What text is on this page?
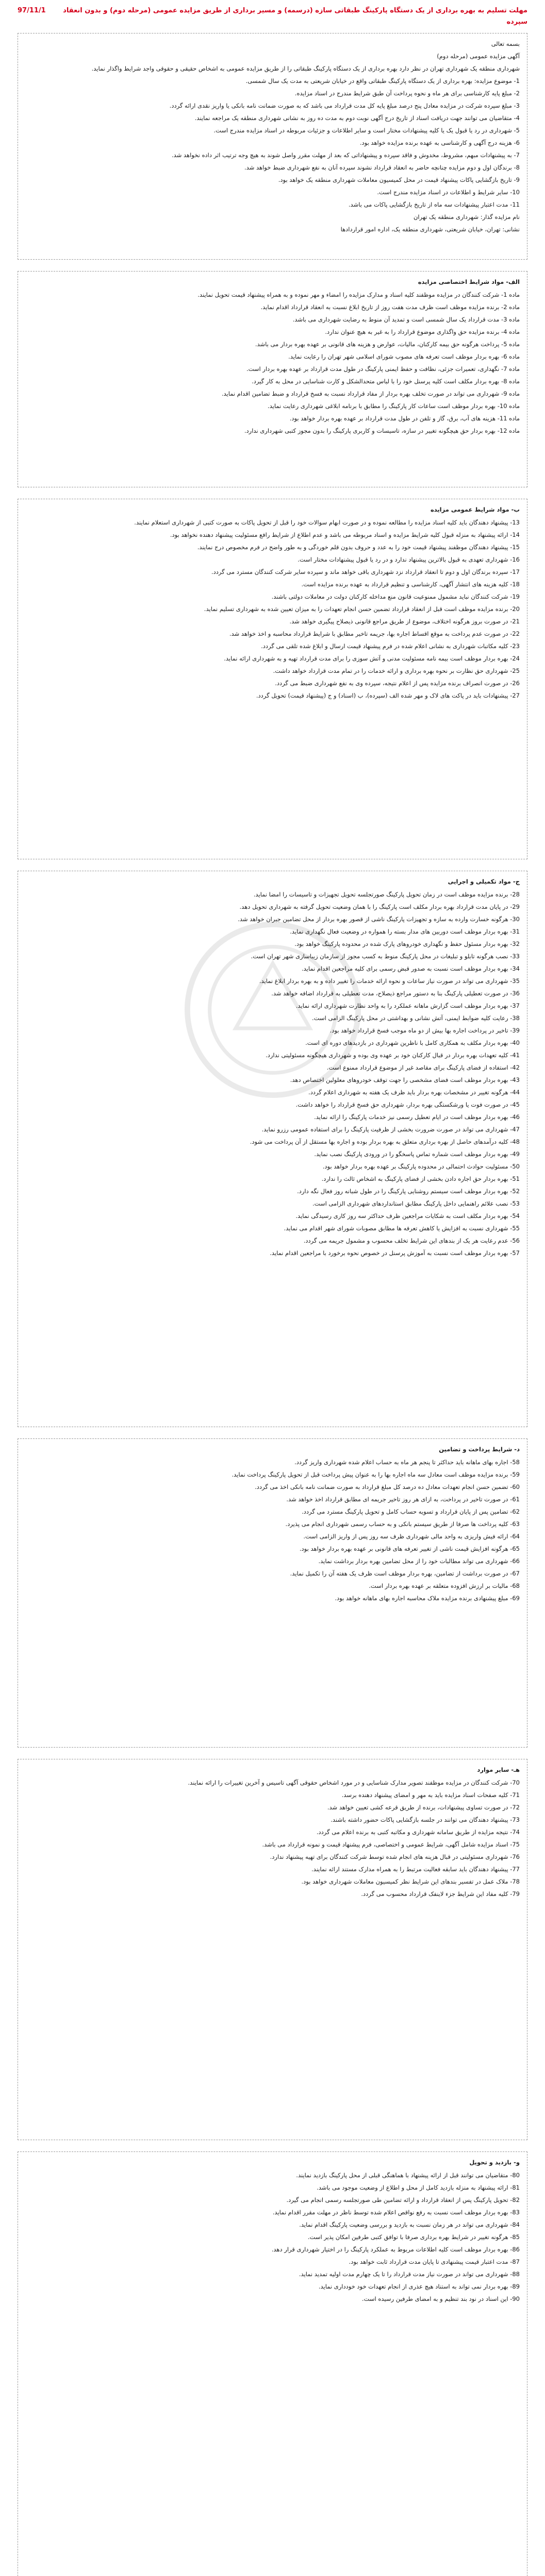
مهلت تسلیم به بهره برداری از یک دستگاه پارکینگ طبقاتی سازه (درسمه) و مسیر برداری از طریق مزایده عمومی (مرحله دوم) و بدون انعقاد سپرده
97/11/1
بسمه تعالی
آگهی مزایده عمومی (مرحله دوم)
شهرداری منطقه یک شهرداری تهران در نظر دارد بهره برداری از یک دستگاه پارکینگ طبقاتی را از طریق مزایده عمومی به اشخاص حقیقی و حقوقی واجد شرایط واگذار نماید.
1- موضوع مزایده: بهره برداری از یک دستگاه پارکینگ طبقاتی واقع در خیابان شریعتی به مدت یک سال شمسی.
2- مبلغ پایه کارشناسی برای هر ماه و نحوه پرداخت آن طبق شرایط مندرج در اسناد مزایده.
3- مبلغ سپرده شرکت در مزایده معادل پنج درصد مبلغ پایه کل مدت قرارداد می باشد که به صورت ضمانت نامه بانکی یا واریز نقدی ارائه گردد.
4- متقاضیان می توانند جهت دریافت اسناد از تاریخ درج آگهی نوبت دوم به مدت ده روز به نشانی شهرداری منطقه یک مراجعه نمایند.
5- شهرداری در رد یا قبول یک یا کلیه پیشنهادات مختار است و سایر اطلاعات و جزئیات مربوطه در اسناد مزایده مندرج است.
6- هزینه درج آگهی و کارشناسی به عهده برنده مزایده خواهد بود.
7- به پیشنهادات مبهم، مشروط، مخدوش و فاقد سپرده و پیشنهاداتی که بعد از مهلت مقرر واصل شوند به هیچ وجه ترتیب اثر داده نخواهد شد.
8- برندگان اول و دوم مزایده چنانچه حاضر به انعقاد قرارداد نشوند سپرده آنان به نفع شهرداری ضبط خواهد شد.
9- تاریخ بازگشایی پاکات پیشنهاد قیمت در محل کمیسیون معاملات شهرداری منطقه یک خواهد بود.
10- سایر شرایط و اطلاعات در اسناد مزایده مندرج است.
11- مدت اعتبار پیشنهادات سه ماه از تاریخ بازگشایی پاکات می باشد.
نام مزایده گذار: شهرداری منطقه یک تهران
نشانی: تهران، خیابان شریعتی، شهرداری منطقه یک، اداره امور قراردادها
الف- مواد شرایط اختصاصی مزایده
ماده 1- شرکت کنندگان در مزایده موظفند کلیه اسناد و مدارک مزایده را امضاء و مهر نموده و به همراه پیشنهاد قیمت تحویل نمایند.
ماده 2- برنده مزایده موظف است ظرف مدت هفت روز از تاریخ ابلاغ نسبت به انعقاد قرارداد اقدام نماید.
ماده 3- مدت قرارداد یک سال شمسی است و تمدید آن منوط به رضایت شهرداری می باشد.
ماده 4- برنده مزایده حق واگذاری موضوع قرارداد را به غیر به هیچ عنوان ندارد.
ماده 5- پرداخت هرگونه حق بیمه کارکنان، مالیات، عوارض و هزینه های قانونی بر عهده بهره بردار می باشد.
ماده 6- بهره بردار موظف است تعرفه های مصوب شورای اسلامی شهر تهران را رعایت نماید.
ماده 7- نگهداری، تعمیرات جزئی، نظافت و حفظ ایمنی پارکینگ در طول مدت قرارداد بر عهده بهره بردار است.
ماده 8- بهره بردار مکلف است کلیه پرسنل خود را با لباس متحدالشکل و کارت شناسایی در محل به کار گیرد.
ماده 9- شهرداری می تواند در صورت تخلف بهره بردار از مفاد قرارداد نسبت به فسخ قرارداد و ضبط تضامین اقدام نماید.
ماده 10- بهره بردار موظف است ساعات کار پارکینگ را مطابق با برنامه ابلاغی شهرداری رعایت نماید.
ماده 11- هزینه های آب، برق، گاز و تلفن در طول مدت قرارداد بر عهده بهره بردار خواهد بود.
ماده 12- بهره بردار حق هیچگونه تغییر در سازه، تاسیسات و کاربری پارکینگ را بدون مجوز کتبی شهرداری ندارد.
ب- مواد شرایط عمومی مزایده
13- پیشنهاد دهندگان باید کلیه اسناد مزایده را مطالعه نموده و در صورت ابهام سوالات خود را قبل از تحویل پاکات به صورت کتبی از شهرداری استعلام نمایند.
14- ارائه پیشنهاد به منزله قبول کلیه شرایط مزایده و اسناد مربوطه می باشد و عدم اطلاع از شرایط رافع مسئولیت پیشنهاد دهنده نخواهد بود.
15- پیشنهاد دهندگان موظفند پیشنهاد قیمت خود را به عدد و حروف بدون قلم خوردگی و به طور واضح در فرم مخصوص درج نمایند.
16- شهرداری تعهدی به قبول بالاترین پیشنهاد ندارد و در رد یا قبول پیشنهادات مختار است.
17- سپرده برندگان اول و دوم تا انعقاد قرارداد نزد شهرداری باقی خواهد ماند و سپرده سایر شرکت کنندگان مسترد می گردد.
18- کلیه هزینه های انتشار آگهی، کارشناسی و تنظیم قرارداد به عهده برنده مزایده است.
19- شرکت کنندگان نباید مشمول ممنوعیت قانون منع مداخله کارکنان دولت در معاملات دولتی باشند.
20- برنده مزایده موظف است قبل از انعقاد قرارداد تضمین حسن انجام تعهدات را به میزان تعیین شده به شهرداری تسلیم نماید.
21- در صورت بروز هرگونه اختلاف، موضوع از طریق مراجع قانونی ذیصلاح پیگیری خواهد شد.
22- در صورت عدم پرداخت به موقع اقساط اجاره بها، جریمه تاخیر مطابق با شرایط قرارداد محاسبه و اخذ خواهد شد.
23- کلیه مکاتبات شهرداری به نشانی اعلام شده در فرم پیشنهاد قیمت ارسال و ابلاغ شده تلقی می گردد.
24- بهره بردار موظف است بیمه نامه مسئولیت مدنی و آتش سوزی را برای مدت قرارداد تهیه و به شهرداری ارائه نماید.
25- شهرداری حق نظارت بر نحوه بهره برداری و ارائه خدمات را در تمام مدت قرارداد خواهد داشت.
26- در صورت انصراف برنده مزایده پس از اعلام نتیجه، سپرده وی به نفع شهرداری ضبط می گردد.
27- پیشنهادات باید در پاکت های لاک و مهر شده الف (سپرده)، ب (اسناد) و ج (پیشنهاد قیمت) تحویل گردد.
ج- مواد تکمیلی و اجرایی
28- برنده مزایده موظف است در زمان تحویل پارکینگ صورتجلسه تحویل تجهیزات و تاسیسات را امضا نماید.
29- در پایان مدت قرارداد بهره بردار مکلف است پارکینگ را با همان وضعیت تحویل گرفته به شهرداری تحویل دهد.
30- هرگونه خسارت وارده به سازه و تجهیزات پارکینگ ناشی از قصور بهره بردار از محل تضامین جبران خواهد شد.
31- بهره بردار موظف است دوربین های مدار بسته را همواره در وضعیت فعال نگهداری نماید.
32- بهره بردار مسئول حفظ و نگهداری خودروهای پارک شده در محدوده پارکینگ خواهد بود.
33- نصب هرگونه تابلو و تبلیغات در محل پارکینگ منوط به کسب مجوز از سازمان زیباسازی شهر تهران است.
34- بهره بردار موظف است نسبت به صدور قبض رسمی برای کلیه مراجعین اقدام نماید.
35- شهرداری می تواند در صورت نیاز ساعات و نحوه ارائه خدمات را تغییر داده و به بهره بردار ابلاغ نماید.
36- در صورت تعطیلی پارکینگ بنا به دستور مراجع ذیصلاح، مدت تعطیلی به قرارداد اضافه خواهد شد.
37- بهره بردار موظف است گزارش ماهانه عملکرد را به واحد نظارت شهرداری ارائه نماید.
38- رعایت کلیه ضوابط ایمنی، آتش نشانی و بهداشتی در محل پارکینگ الزامی است.
39- تاخیر در پرداخت اجاره بها بیش از دو ماه موجب فسخ قرارداد خواهد بود.
40- بهره بردار مکلف به همکاری کامل با ناظرین شهرداری در بازدیدهای دوره ای است.
41- کلیه تعهدات بهره بردار در قبال کارکنان خود بر عهده وی بوده و شهرداری هیچگونه مسئولیتی ندارد.
42- استفاده از فضای پارکینگ برای مقاصد غیر از موضوع قرارداد ممنوع است.
43- بهره بردار موظف است فضای مشخصی را جهت توقف خودروهای معلولین اختصاص دهد.
44- هرگونه تغییر در مشخصات بهره بردار باید ظرف یک هفته به شهرداری اعلام گردد.
45- در صورت فوت یا ورشکستگی بهره بردار، شهرداری حق فسخ قرارداد را خواهد داشت.
46- بهره بردار موظف است در ایام تعطیل رسمی نیز خدمات پارکینگ را ارائه نماید.
47- شهرداری می تواند در صورت ضرورت بخشی از ظرفیت پارکینگ را برای استفاده عمومی رزرو نماید.
48- کلیه درآمدهای حاصل از بهره برداری متعلق به بهره بردار بوده و اجاره بها مستقل از آن پرداخت می شود.
49- بهره بردار موظف است شماره تماس پاسخگو را در ورودی پارکینگ نصب نماید.
50- مسئولیت حوادث احتمالی در محدوده پارکینگ بر عهده بهره بردار خواهد بود.
51- بهره بردار حق اجاره دادن بخشی از فضای پارکینگ به اشخاص ثالث را ندارد.
52- بهره بردار موظف است سیستم روشنایی پارکینگ را در طول شبانه روز فعال نگه دارد.
53- نصب علائم راهنمایی داخل پارکینگ مطابق استانداردهای شهرداری الزامی است.
54- بهره بردار مکلف است به شکایات مراجعین ظرف حداکثر سه روز کاری رسیدگی نماید.
55- شهرداری نسبت به افزایش یا کاهش تعرفه ها مطابق مصوبات شورای شهر اقدام می نماید.
56- عدم رعایت هر یک از بندهای این شرایط تخلف محسوب و مشمول جریمه می گردد.
57- بهره بردار موظف است نسبت به آموزش پرسنل در خصوص نحوه برخورد با مراجعین اقدام نماید.
د- شرایط پرداخت و تضامین
58- اجاره بهای ماهانه باید حداکثر تا پنجم هر ماه به حساب اعلام شده شهرداری واریز گردد.
59- برنده مزایده موظف است معادل سه ماه اجاره بها را به عنوان پیش پرداخت قبل از تحویل پارکینگ پرداخت نماید.
60- تضمین حسن انجام تعهدات معادل ده درصد کل مبلغ قرارداد به صورت ضمانت نامه بانکی اخذ می گردد.
61- در صورت تاخیر در پرداخت، به ازای هر روز تاخیر جریمه ای مطابق قرارداد اخذ خواهد شد.
62- تضامین پس از پایان قرارداد و تسویه حساب کامل و تحویل پارکینگ مسترد می گردد.
63- کلیه پرداخت ها صرفا از طریق سیستم بانکی و به حساب رسمی شهرداری انجام می پذیرد.
64- ارائه فیش واریزی به واحد مالی شهرداری ظرف سه روز پس از واریز الزامی است.
65- هرگونه افزایش قیمت ناشی از تغییر تعرفه های قانونی بر عهده بهره بردار خواهد بود.
66- شهرداری می تواند مطالبات خود را از محل تضامین بهره بردار برداشت نماید.
67- در صورت برداشت از تضامین، بهره بردار موظف است ظرف یک هفته آن را تکمیل نماید.
68- مالیات بر ارزش افزوده متعلقه بر عهده بهره بردار است.
69- مبلغ پیشنهادی برنده مزایده ملاک محاسبه اجاره بهای ماهانه خواهد بود.
هـ- سایر موارد
70- شرکت کنندگان در مزایده موظفند تصویر مدارک شناسایی و در مورد اشخاص حقوقی آگهی تاسیس و آخرین تغییرات را ارائه نمایند.
71- کلیه صفحات اسناد مزایده باید به مهر و امضای پیشنهاد دهنده برسد.
72- در صورت تساوی پیشنهادات، برنده از طریق قرعه کشی تعیین خواهد شد.
73- پیشنهاد دهندگان می توانند در جلسه بازگشایی پاکات حضور داشته باشند.
74- نتیجه مزایده از طریق سامانه شهرداری و مکاتبه کتبی به برنده اعلام می گردد.
75- اسناد مزایده شامل آگهی، شرایط عمومی و اختصاصی، فرم پیشنهاد قیمت و نمونه قرارداد می باشد.
76- شهرداری مسئولیتی در قبال هزینه های انجام شده توسط شرکت کنندگان برای تهیه پیشنهاد ندارد.
77- پیشنهاد دهندگان باید سابقه فعالیت مرتبط را به همراه مدارک مستند ارائه نمایند.
78- ملاک عمل در تفسیر بندهای این شرایط نظر کمیسیون معاملات شهرداری خواهد بود.
79- کلیه مفاد این شرایط جزء لاینفک قرارداد محسوب می گردد.
و- بازدید و تحویل
80- متقاضیان می توانند قبل از ارائه پیشنهاد با هماهنگی قبلی از محل پارکینگ بازدید نمایند.
81- ارائه پیشنهاد به منزله بازدید کامل از محل و اطلاع از وضعیت موجود می باشد.
82- تحویل پارکینگ پس از انعقاد قرارداد و ارائه تضامین طی صورتجلسه رسمی انجام می گیرد.
83- بهره بردار موظف است نسبت به رفع نواقص اعلام شده توسط ناظر در مهلت مقرر اقدام نماید.
84- شهرداری می تواند در هر زمان نسبت به بازدید و بررسی وضعیت پارکینگ اقدام نماید.
85- هرگونه تغییر در شرایط بهره برداری صرفا با توافق کتبی طرفین امکان پذیر است.
86- بهره بردار موظف است کلیه اطلاعات مربوط به عملکرد پارکینگ را در اختیار شهرداری قرار دهد.
87- مدت اعتبار قیمت پیشنهادی تا پایان مدت قرارداد ثابت خواهد بود.
88- شهرداری می تواند در صورت نیاز مدت قرارداد را تا یک چهارم مدت اولیه تمدید نماید.
89- بهره بردار نمی تواند به استناد هیچ عذری از انجام تعهدات خود خودداری نماید.
90- این اسناد در نود بند تنظیم و به امضای طرفین رسیده است.
